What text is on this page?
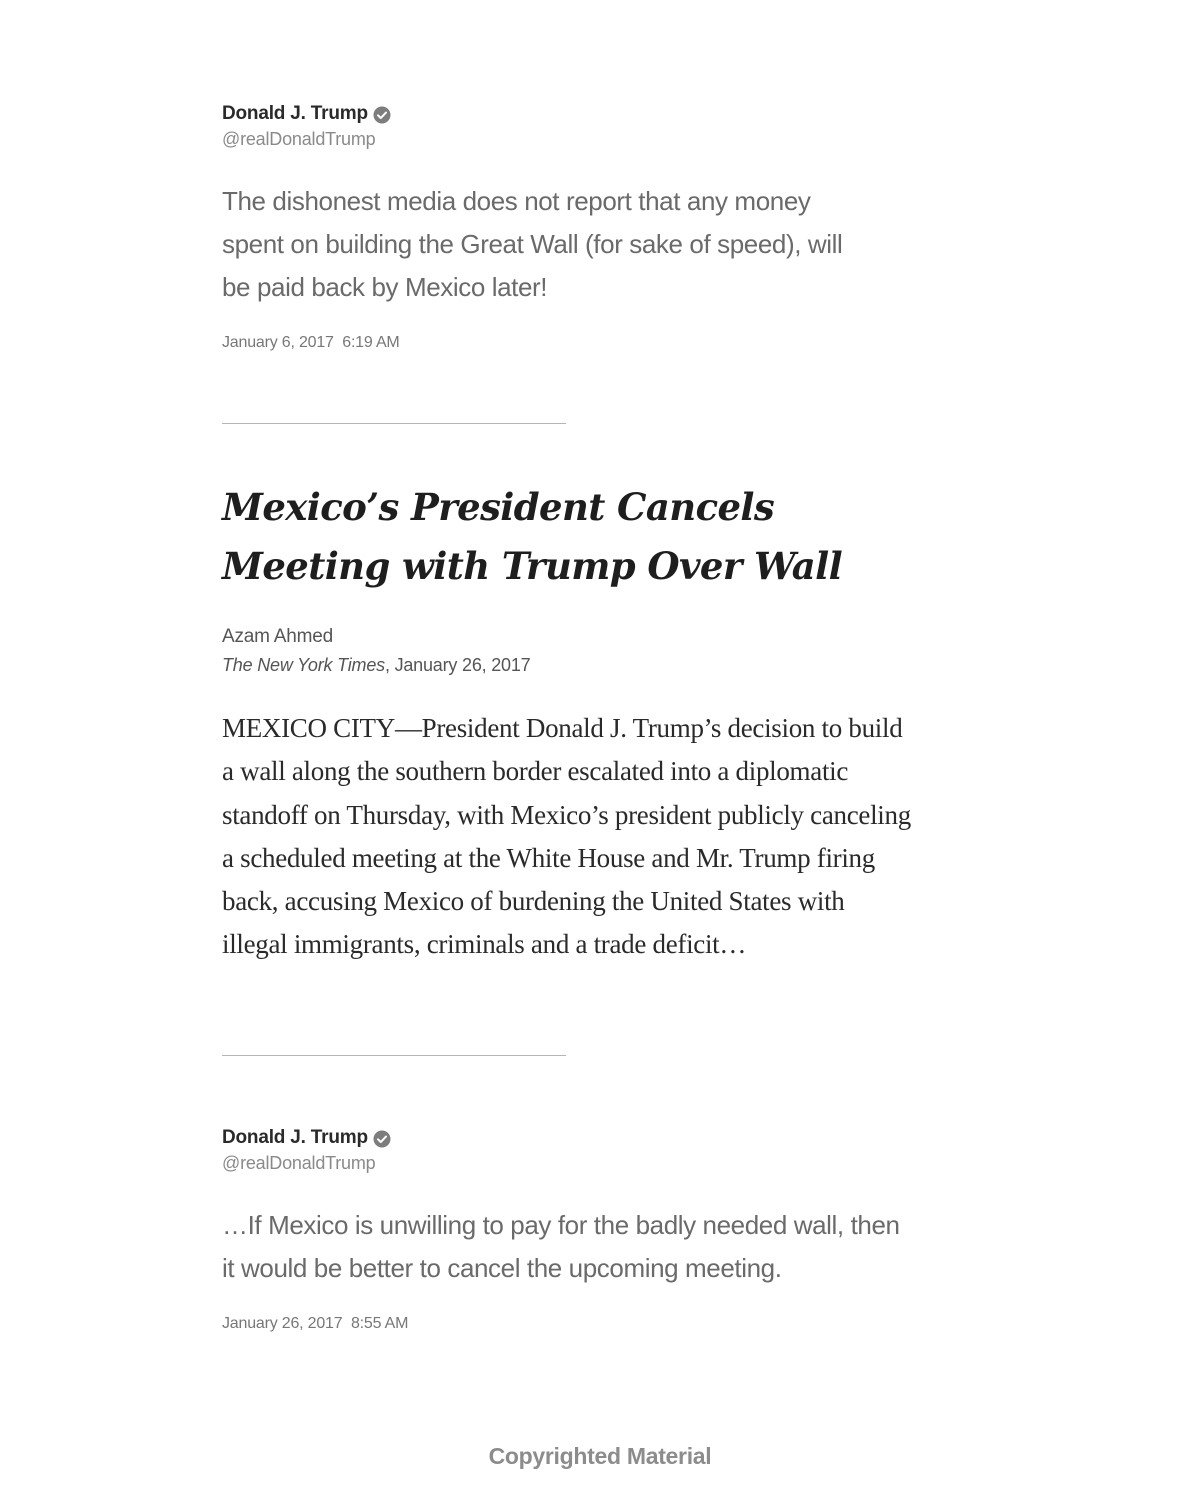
Donald J. Trump
@realDonaldTrump
The dishonest media does not report that any money spent on building the Great Wall (for sake of speed), will be paid back by Mexico later!
January 6, 2017  6:19 AM
Mexico’s President Cancels Meeting with Trump Over Wall
Azam Ahmed
The New York Times, January 26, 2017
MEXICO CITY—President Donald J. Trump’s decision to build a wall along the southern border escalated into a diplomatic standoff on Thursday, with Mexico’s president publicly canceling a scheduled meeting at the White House and Mr. Trump firing back, accusing Mexico of burdening the United States with illegal immigrants, criminals and a trade deficit…
Donald J. Trump
@realDonaldTrump
…If Mexico is unwilling to pay for the badly needed wall, then it would be better to cancel the upcoming meeting.
January 26, 2017  8:55 AM
Copyrighted Material
